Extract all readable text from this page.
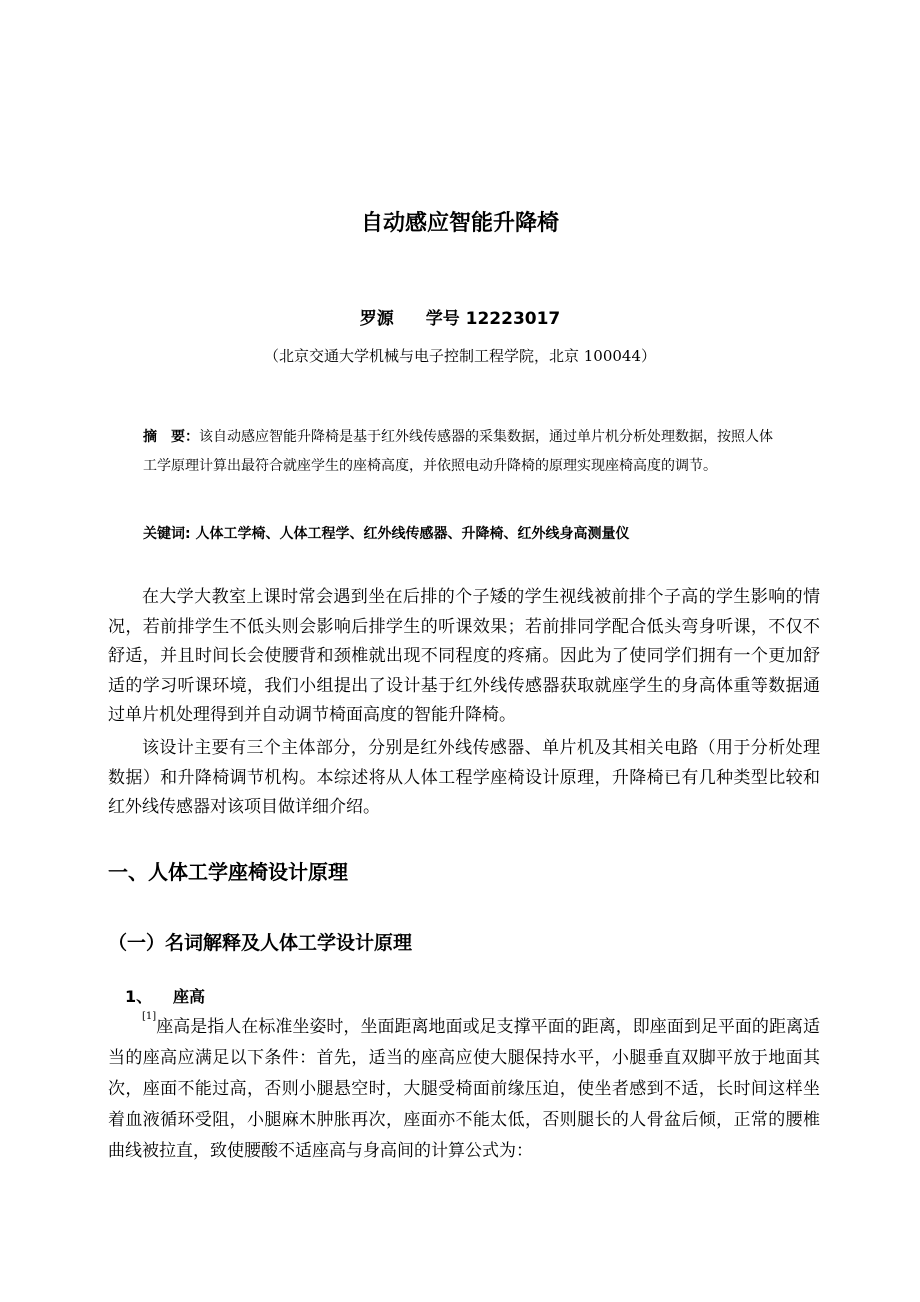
自动感应智能升降椅
罗源 学号 12223017
（北京交通大学机械与电子控制工程学院，北京 100044）
摘　要：该自动感应智能升降椅是基于红外线传感器的采集数据，通过单片机分析处理数据，按照人体工学原理计算出最符合就座学生的座椅高度，并依照电动升降椅的原理实现座椅高度的调节。
关键词: 人体工学椅、人体工程学、红外线传感器、升降椅、红外线身高测量仪
在大学大教室上课时常会遇到坐在后排的个子矮的学生视线被前排个子高的学生影响的情况，若前排学生不低头则会影响后排学生的听课效果；若前排同学配合低头弯身听课，不仅不舒适，并且时间长会使腰背和颈椎就出现不同程度的疼痛。因此为了使同学们拥有一个更加舒适的学习听课环境，我们小组提出了设计基于红外线传感器获取就座学生的身高体重等数据通过单片机处理得到并自动调节椅面高度的智能升降椅。
该设计主要有三个主体部分，分别是红外线传感器、单片机及其相关电路（用于分析处理数据）和升降椅调节机构。本综述将从人体工程学座椅设计原理，升降椅已有几种类型比较和红外线传感器对该项目做详细介绍。
一、人体工学座椅设计原理
（一）名词解释及人体工学设计原理
1、 座高
[1]座高是指人在标准坐姿时，坐面距离地面或足支撑平面的距离，即座面到足平面的距离适当的座高应满足以下条件：首先，适当的座高应使大腿保持水平，小腿垂直双脚平放于地面其次，座面不能过高，否则小腿悬空时，大腿受椅面前缘压迫，使坐者感到不适，长时间这样坐着血液循环受阻，小腿麻木肿胀再次，座面亦不能太低，否则腿长的人骨盆后倾，正常的腰椎曲线被拉直，致使腰酸不适座高与身高间的计算公式为：
